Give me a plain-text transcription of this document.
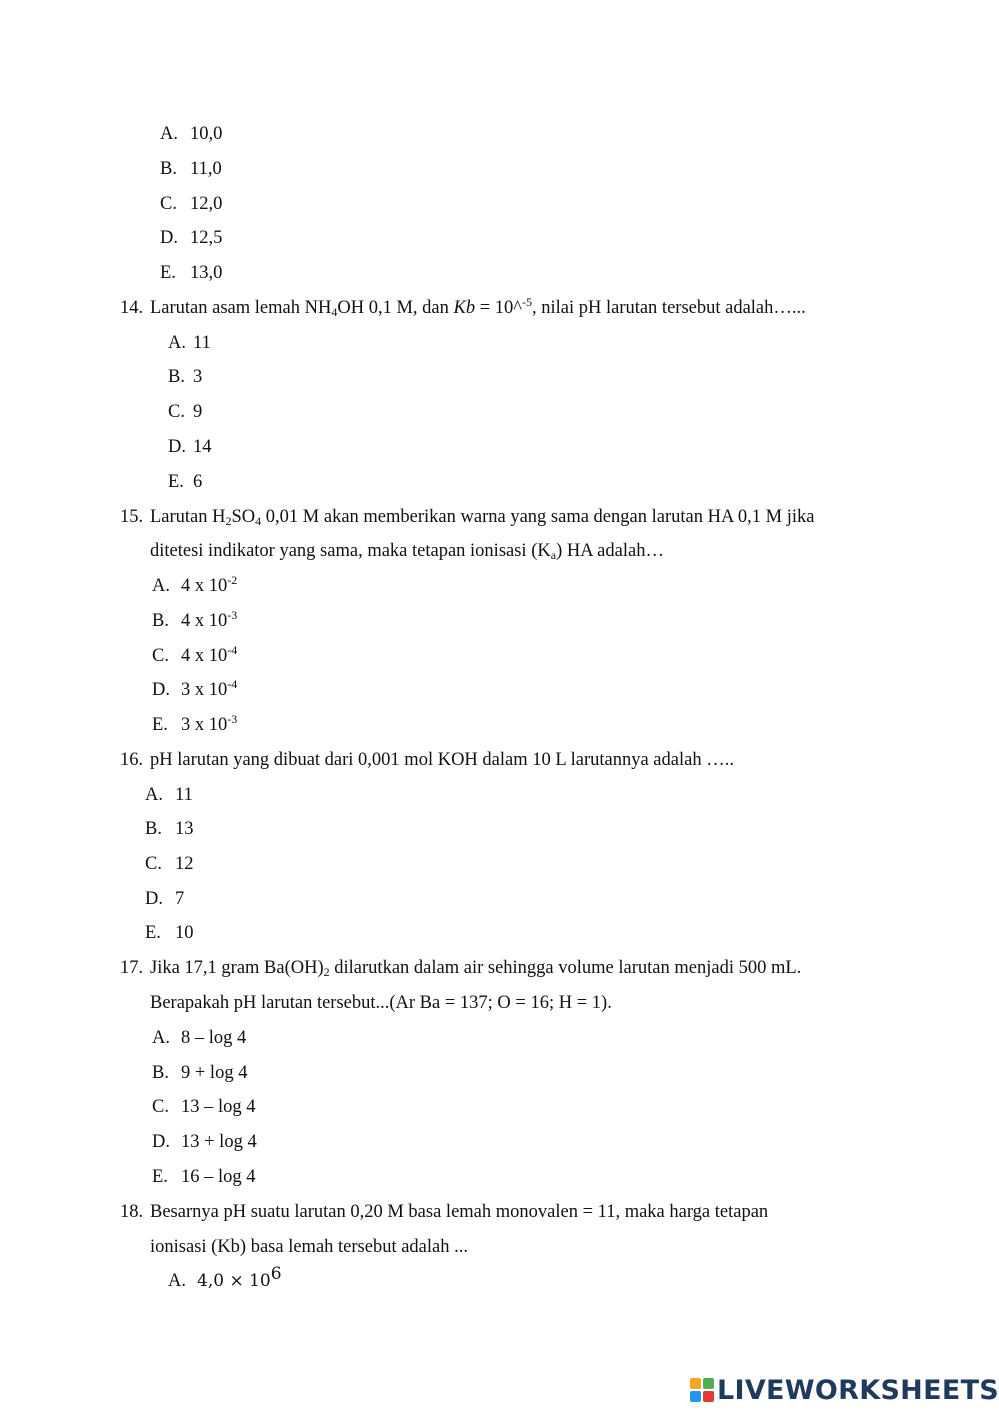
A. 10,0
B. 11,0
C. 12,0
D. 12,5
E. 13,0
14. Larutan asam lemah $NH_4OH$ 0,1 M, dan Kb = 10^$^{-5}$, nilai pH larutan tersebut adalah…...
A. 11
B. 3
C. 9
D. 14
E. 6
15. Larutan $H_2SO_4$ 0,01 M akan memberikan warna yang sama dengan larutan HA 0,1 M jika
ditetesi indikator yang sama, maka tetapan ionisasi $(K_a)$ HA adalah…
A. 4 x $10^{-2}$
B. 4 x $10^{-3}$
C. 4 x $10^{-4}$
D. 3 x $10^{-4}$
E. 3 x $10^{-3}$
16. pH larutan yang dibuat dari 0,001 mol KOH dalam 10 L larutannya adalah …..
A. 11
B. 13
C. 12
D. 7
E. 10
17. Jika 17,1 gram $Ba(OH)_2$ dilarutkan dalam air sehingga volume larutan menjadi 500 mL.
Berapakah pH larutan tersebut...(Ar Ba = 137; O = 16; H = 1).
A. 8 – log 4
B. 9 + log 4
C. 13 – log 4
D. 13 + log 4
E. 16 – log 4
18. Besarnya pH suatu larutan 0,20 M basa lemah monovalen = 11, maka harga tetapan
ionisasi (Kb) basa lemah tersebut adalah ...
A. $4,0 \times 10^6$
LIVEWORKSHEETS
